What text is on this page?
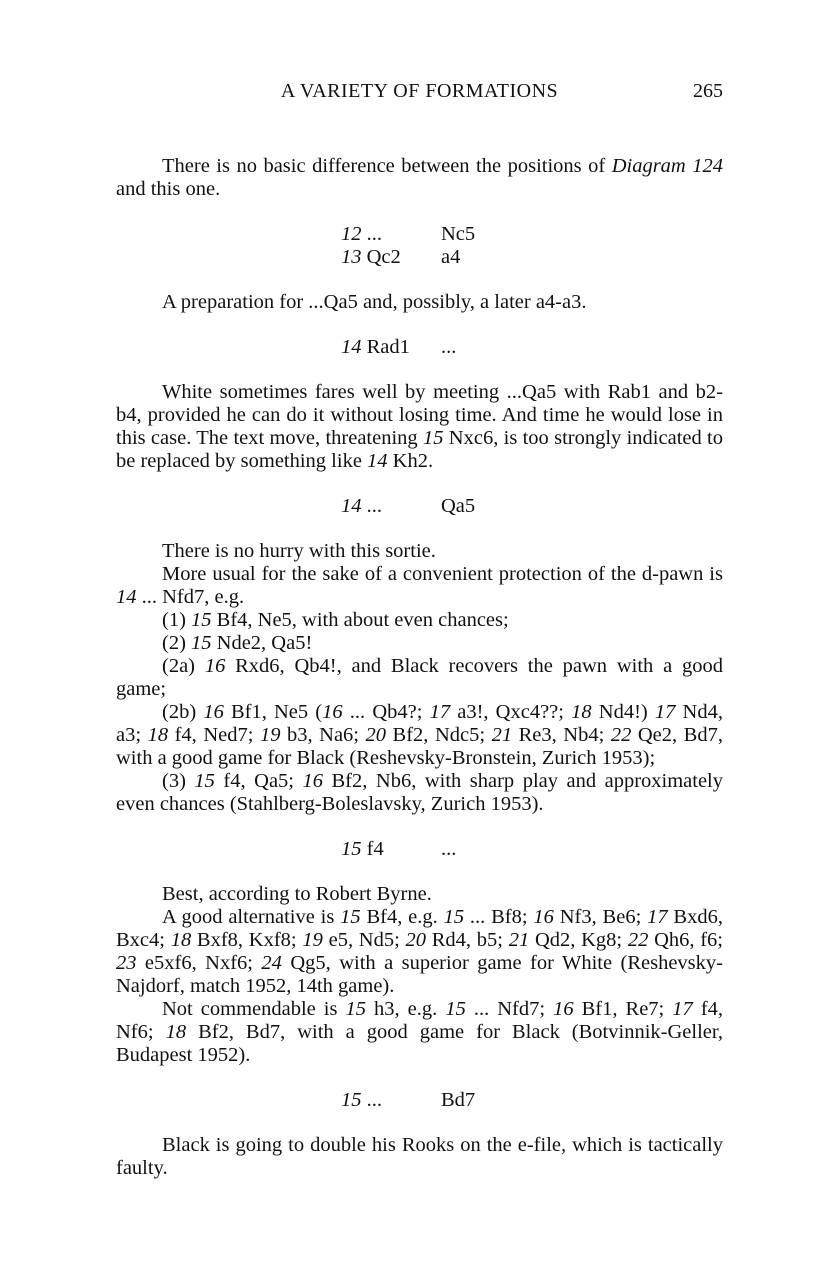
A VARIETY OF FORMATIONS	265

There is no basic difference between the positions of Diagram 124 and this one.

12 ...	Nc5
13 Qc2	a4

A preparation for ...Qa5 and, possibly, a later a4-a3.

14 Rad1	...

White sometimes fares well by meeting ...Qa5 with Rab1 and b2-b4, provided he can do it without losing time. And time he would lose in this case. The text move, threatening 15 Nxc6, is too strongly indicated to be replaced by something like 14 Kh2.

14 ...	Qa5

There is no hurry with this sortie.

More usual for the sake of a convenient protection of the d-pawn is 14 ... Nfd7, e.g.

(1) 15 Bf4, Ne5, with about even chances;

(2) 15 Nde2, Qa5!

(2a) 16 Rxd6, Qb4!, and Black recovers the pawn with a good game;

(2b) 16 Bf1, Ne5 (16 ... Qb4?; 17 a3!, Qxc4??; 18 Nd4!) 17 Nd4, a3; 18 f4, Ned7; 19 b3, Na6; 20 Bf2, Ndc5; 21 Re3, Nb4; 22 Qe2, Bd7, with a good game for Black (Reshevsky-Bronstein, Zurich 1953);

(3) 15 f4, Qa5; 16 Bf2, Nb6, with sharp play and approximately even chances (Stahlberg-Boleslavsky, Zurich 1953).

15 f4	...

Best, according to Robert Byrne.

A good alternative is 15 Bf4, e.g. 15 ... Bf8; 16 Nf3, Be6; 17 Bxd6, Bxc4; 18 Bxf8, Kxf8; 19 e5, Nd5; 20 Rd4, b5; 21 Qd2, Kg8; 22 Qh6, f6; 23 e5xf6, Nxf6; 24 Qg5, with a superior game for White (Reshevsky-Najdorf, match 1952, 14th game).

Not commendable is 15 h3, e.g. 15 ... Nfd7; 16 Bf1, Re7; 17 f4, Nf6; 18 Bf2, Bd7, with a good game for Black (Botvinnik-Geller, Budapest 1952).

15 ...	Bd7

Black is going to double his Rooks on the e-file, which is tactically faulty.
